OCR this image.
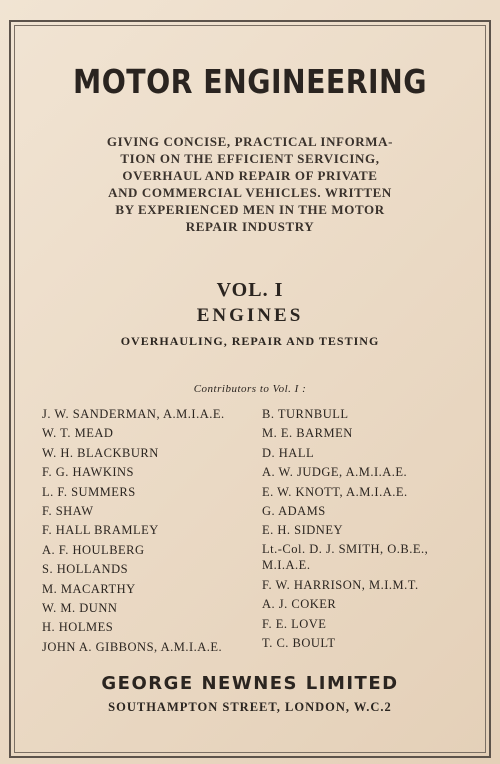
MOTOR ENGINEERING
GIVING CONCISE, PRACTICAL INFORMA-
TION ON THE EFFICIENT SERVICING,
OVERHAUL AND REPAIR OF PRIVATE
AND COMMERCIAL VEHICLES. WRITTEN
BY EXPERIENCED MEN IN THE MOTOR
REPAIR INDUSTRY
VOL. I
ENGINES
OVERHAULING, REPAIR AND TESTING
Contributors to Vol. I :
J. W. SANDERMAN, A.M.I.A.E.
W. T. MEAD
W. H. BLACKBURN
F. G. HAWKINS
L. F. SUMMERS
F. SHAW
F. HALL BRAMLEY
A. F. HOULBERG
S. HOLLANDS
M. MACARTHY
W. M. DUNN
H. HOLMES
JOHN A. GIBBONS, A.M.I.A.E.
B. TURNBULL
M. E. BARMEN
D. HALL
A. W. JUDGE, A.M.I.A.E.
E. W. KNOTT, A.M.I.A.E.
G. ADAMS
E. H. SIDNEY
Lt.-Col. D. J. SMITH, O.B.E., M.I.A.E.
F. W. HARRISON, M.I.M.T.
A. J. COKER
F. E. LOVE
T. C. BOULT
GEORGE NEWNES LIMITED
SOUTHAMPTON STREET, LONDON, W.C.2
